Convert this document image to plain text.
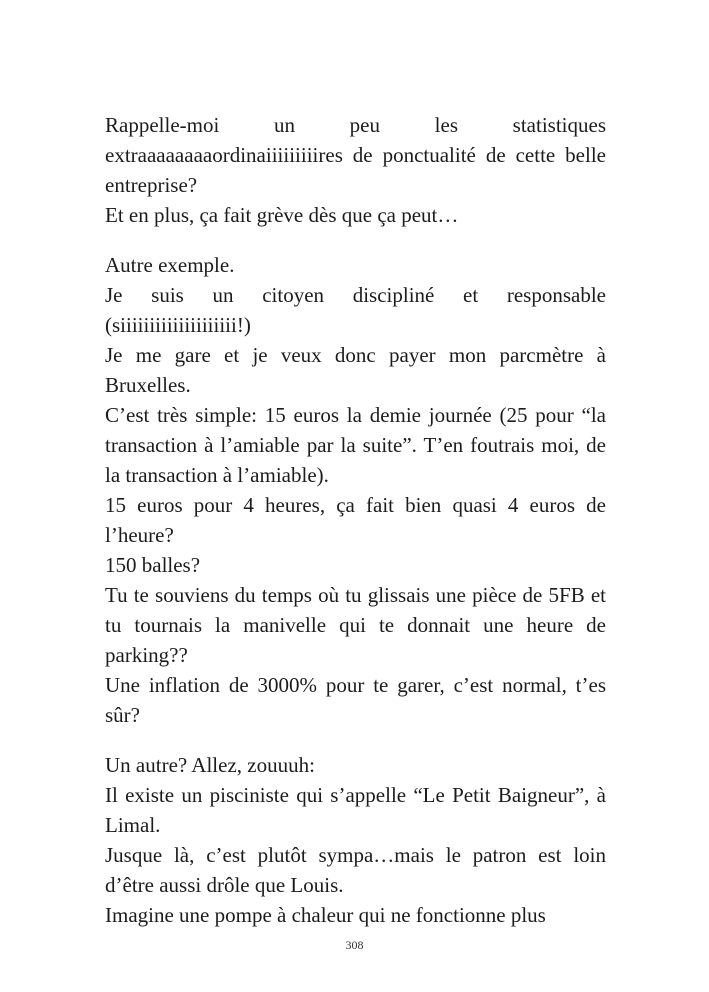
Rappelle-moi un peu les statistiques extraaaaaaaaordinaiiiiiiiiires de ponctualité de cette belle entreprise?

Et en plus, ça fait grève dès que ça peut…

Autre exemple.

Je suis un citoyen discipliné et responsable (siiiiiiiiiiiiiiiiiiii!)

Je me gare et je veux donc payer mon parcmètre à Bruxelles.

C’est très simple: 15 euros la demie journée (25 pour “la transaction à l’amiable par la suite”. T’en foutrais moi, de la transaction à l’amiable).

15 euros pour 4 heures, ça fait bien quasi 4 euros de l’heure?

150 balles?

Tu te souviens du temps où tu glissais une pièce de 5FB et tu tournais la manivelle qui te donnait une heure de parking??

Une inflation de 3000% pour te garer, c’est normal, t’es sûr?

Un autre? Allez, zouuuh:

Il existe un pisciniste qui s’appelle “Le Petit Baigneur”, à Limal.

Jusque là, c’est plutôt sympa…mais le patron est loin d’être aussi drôle que Louis.

Imagine une pompe à chaleur qui ne fonctionne plus

308
